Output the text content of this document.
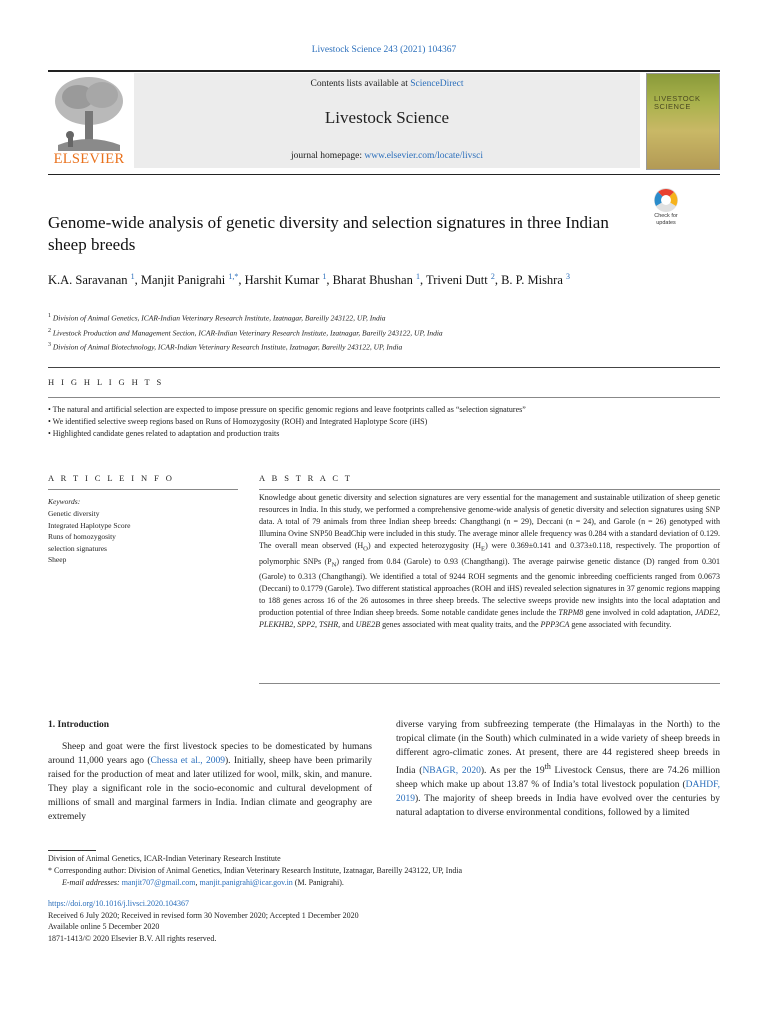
Livestock Science 243 (2021) 104367
ELSEVIER
Contents lists available at ScienceDirect
Livestock Science
journal homepage: www.elsevier.com/locate/livsci
LIVESTOCK
SCIENCE
Check for
updates
Genome-wide analysis of genetic diversity and selection signatures in three Indian sheep breeds
K.A. Saravanan $^1$, Manjit Panigrahi $^{1,*}$, Harshit Kumar $^1$, Bharat Bhushan $^1$, Triveni Dutt $^2$, B. P. Mishra $^3$
$^1$ Division of Animal Genetics, ICAR-Indian Veterinary Research Institute, Izatnagar, Bareilly 243122, UP, India
$^2$ Livestock Production and Management Section, ICAR-Indian Veterinary Research Institute, Izatnagar, Bareilly 243122, UP, India
$^3$ Division of Animal Biotechnology, ICAR-Indian Veterinary Research Institute, Izatnagar, Bareilly 243122, UP, India
H I G H L I G H T S
• The natural and artificial selection are expected to impose pressure on specific genomic regions and leave footprints called as “selection signatures”
• We identified selective sweep regions based on Runs of Homozygosity (ROH) and Integrated Haplotype Score (iHS)
• Highlighted candidate genes related to adaptation and production traits
A R T I C L E I N F O	A B S T R A C T
Keywords:
Genetic diversity
Integrated Haplotype Score
Runs of homozygosity
selection signatures
Sheep
Knowledge about genetic diversity and selection signatures are very essential for the management and sustainable utilization of sheep genetic resources in India. In this study, we performed a comprehensive genome-wide analysis of genetic diversity and selection signatures using SNP data. A total of 79 animals from three Indian sheep breeds: Changthangi (n = 29), Deccani (n = 24), and Garole (n = 26) genotyped with Illumina Ovine SNP50 BeadChip were included in this study. The average minor allele frequency was 0.284 with a standard deviation of 0.129. The overall mean observed $(H_O)$ and expected heterozygosity $(H_E)$ were 0.369±0.141 and 0.373±0.118, respectively. The proportion of polymorphic SNPs $(P_N)$ ranged from 0.84 (Garole) to 0.93 (Changthangi). The average pairwise genetic distance (D) ranged from 0.301 (Garole) to 0.313 (Changthangi). We identified a total of 9244 ROH segments and the genomic inbreeding coefficients ranged from 0.0673 (Deccani) to 0.1779 (Garole). Two different statistical approaches (ROH and iHS) revealed selection signatures in 37 genomic regions mapping to 188 genes across 16 of the 26 autosomes in three sheep breeds. The selective sweeps provide new insights into the local adaptation and production potential of three Indian sheep breeds. Some notable candidate genes include the TRPM8 gene involved in cold adaptation, JADE2, PLEKHB2, SPP2, TSHR, and UBE2B genes associated with meat quality traits, and the PPP3CA gene associated with fecundity.
1. Introduction

Sheep and goat were the first livestock species to be domesticated by humans around 11,000 years ago (Chessa et al., 2009). Initially, sheep have been primarily raised for the production of meat and later utilized for wool, milk, skin, and manure. They play a significant role in the socio-economic and cultural development of millions of small and marginal farmers in India. Indian climate and geography are extremely

diverse varying from subfreezing temperate (the Himalayas in the North) to the tropical climate (in the South) which culminated in a wide variety of sheep breeds in different agro-climatic zones. At present, there are 44 registered sheep breeds in India (NBAGR, 2020). As per the 19th Livestock Census, there are 74.26 million sheep which make up about 13.87 % of India’s total livestock population (DAHDF, 2019). The majority of sheep breeds in India have evolved over the centuries by natural adaptation to diverse environmental conditions, followed by a limited

Division of Animal Genetics, ICAR-Indian Veterinary Research Institute
* Corresponding author: Division of Animal Genetics, Indian Veterinary Research Institute, Izatnagar, Bareilly 243122, UP, India
E-mail addresses: manjit707@gmail.com, manjit.panigrahi@icar.gov.in (M. Panigrahi).
https://doi.org/10.1016/j.livsci.2020.104367
Received 6 July 2020; Received in revised form 30 November 2020; Accepted 1 December 2020
Available online 5 December 2020
1871-1413/© 2020 Elsevier B.V. All rights reserved.
